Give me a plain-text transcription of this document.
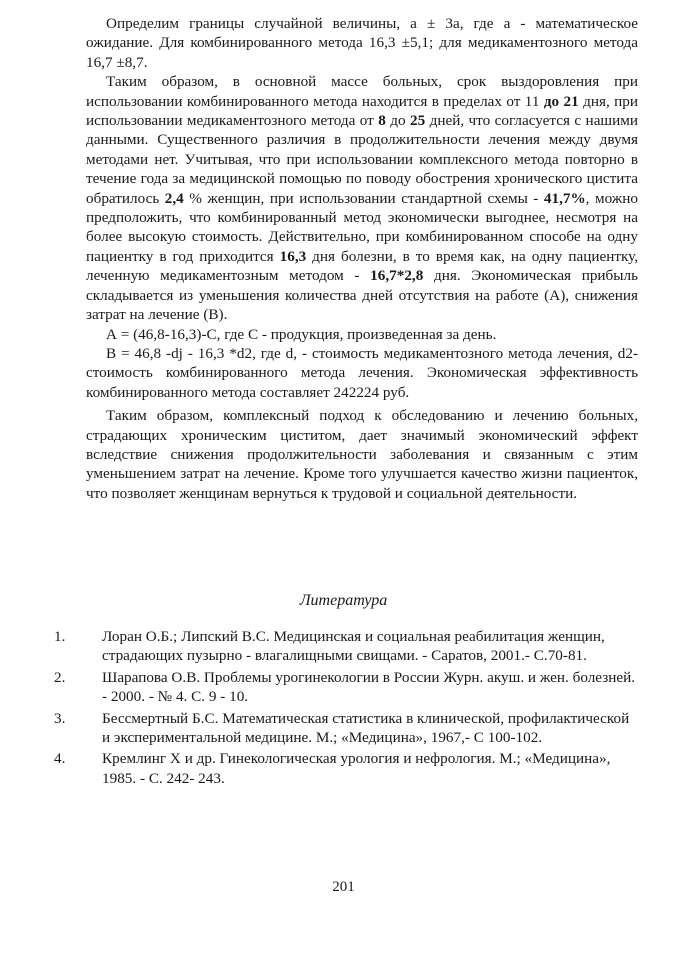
Определим границы случайной величины, a ± 3a, где а - математическое ожидание. Для комбинированного метода 16,3 ±5,1; для медикаментозного метода 16,7 ±8,7.

Таким образом, в основной массе больных, срок выздоровления при использовании комбинированного метода находится в пределах от 11 до 21 дня, при использовании медикаментозного метода от 8 до 25 дней, что согласуется с нашими данными. Существенного различия в продолжительности лечения между двумя методами нет. Учитывая, что при использовании комплексного метода повторно в течение года за медицинской помощью по поводу обострения хронического цистита обратилось 2,4 % женщин, при использовании стандартной схемы - 41,7%, можно предположить, что комбинированный метод экономически выгоднее, несмотря на более высокую стоимость. Действительно, при комбинированном способе на одну пациентку в год приходится 16,3 дня болезни, в то время как, на одну пациентку, леченную медикаментозным методом - 16,7*2,8 дня. Экономическая прибыль складывается из уменьшения количества дней отсутствия на работе (А), снижения затрат на лечение (В).

А = (46,8-16,3)-С, где С - продукция, произведенная за день.

В = 46,8 -dj - 16,3 *d2, где d, - стоимость медикаментозного метода лечения, d2- стоимость комбинированного метода лечения. Экономическая эффективность комбинированного метода составляет 242224 руб.

Таким образом, комплексный подход к обследованию и лечению больных, страдающих хроническим циститом, дает значимый экономический эффект вследствие снижения продолжительности заболевания и связанным с этим уменьшением затрат на лечение. Кроме того улучшается качество жизни пациенток, что позволяет женщинам вернуться к трудовой и социальной деятельности.

Литература
1.	Лоран О.Б.; Липский В.С. Медицинская и социальная реабилитация женщин, страдающих пузырно - влагалищными свищами. - Саратов, 2001.- С.70-81.
2.	Шарапова О.В. Проблемы урогинекологии в России Журн. акуш. и жен. болезней. - 2000. - № 4. С. 9 - 10.
3.	Бессмертный Б.С. Математическая статистика в клинической, профилактической и экспериментальной медицине. М.; «Медицина», 1967,- С 100-102.
4.	Кремлинг X и др. Гинекологическая урология и нефрология. М.; «Медицина», 1985. - С. 242- 243.
201
